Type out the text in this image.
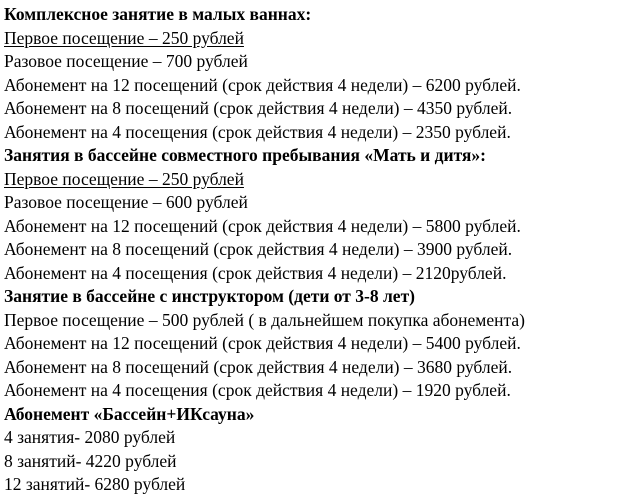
Комплексное занятие в малых ваннах:
Первое посещение – 250 рублей
Разовое посещение – 700 рублей
Абонемент на 12 посещений (срок действия 4 недели) – 6200 рублей.
Абонемент на 8 посещений (срок действия 4 недели) – 4350 рублей.
Абонемент на 4 посещения (срок действия 4 недели) – 2350 рублей.
Занятия в бассейне совместного пребывания «Мать и дитя»:
Первое посещение – 250 рублей
Разовое посещение – 600 рублей
Абонемент на 12 посещений (срок действия 4 недели) – 5800 рублей.
Абонемент на 8 посещений (срок действия 4 недели) – 3900 рублей.
Абонемент на 4 посещения (срок действия 4 недели) – 2120рублей.
Занятие в бассейне с инструктором (дети от 3-8 лет)
Первое посещение – 500 рублей ( в дальнейшем покупка абонемента)
Абонемент на 12 посещений (срок действия 4 недели) – 5400 рублей.
Абонемент на 8 посещений (срок действия 4 недели) – 3680 рублей.
Абонемент на 4 посещения (срок действия 4 недели) – 1920 рублей.
Абонемент «Бассейн+ИКсауна»
4 занятия- 2080 рублей
8 занятий- 4220 рублей
12 занятий- 6280 рублей
